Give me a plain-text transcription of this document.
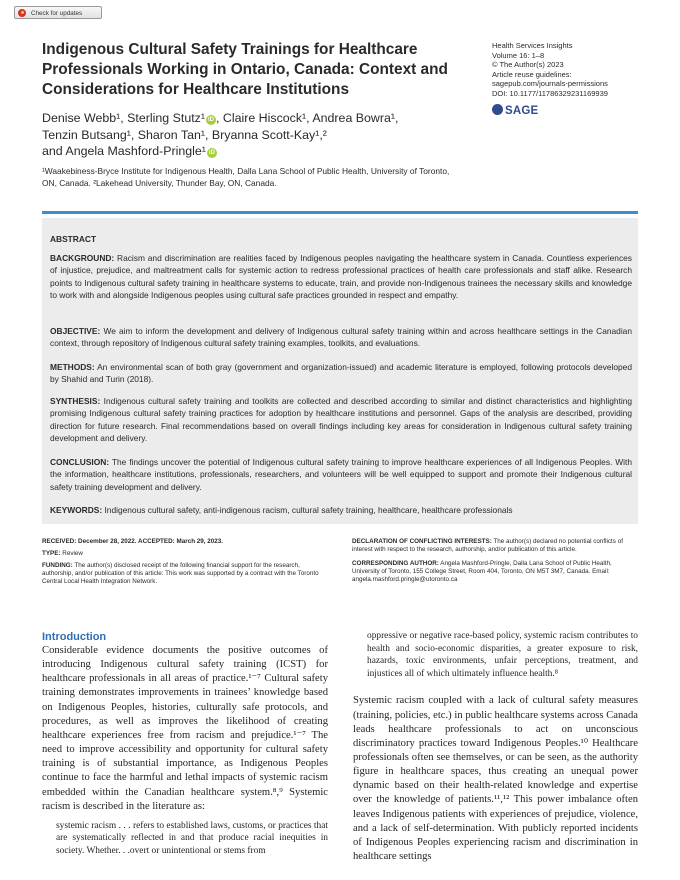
Check for updates
Indigenous Cultural Safety Trainings for Healthcare Professionals Working in Ontario, Canada: Context and Considerations for Healthcare Institutions
Denise Webb¹, Sterling Stutz¹ iD , Claire Hiscock¹, Andrea Bowra¹,
Tenzin Butsang¹, Sharon Tan¹, Bryanna Scott-Kay¹,²
and Angela Mashford-Pringle¹ iD
¹Waakebiness-Bryce Institute for Indigenous Health, Dalla Lana School of Public Health, University of Toronto, ON, Canada. ²Lakehead University, Thunder Bay, ON, Canada.
Health Services Insights
Volume 16: 1–8
© The Author(s) 2023
Article reuse guidelines:
sagepub.com/journals-permissions
DOI: 10.1177/11786329231169939
SAGE

ABSTRACT

BACKGROUND: Racism and discrimination are realities faced by Indigenous peoples navigating the healthcare system in Canada. Countless experiences of injustice, prejudice, and maltreatment calls for systemic action to redress professional practices of health care professionals and staff alike. Research points to Indigenous cultural safety training in healthcare systems to educate, train, and provide non-Indigenous trainees the necessary skills and knowledge to work with and alongside Indigenous peoples using cultural safe practices grounded in respect and empathy.

OBJECTIVE: We aim to inform the development and delivery of Indigenous cultural safety training within and across healthcare settings in the Canadian context, through repository of Indigenous cultural safety training examples, toolkits, and evaluations.

METHODS: An environmental scan of both gray (government and organization-issued) and academic literature is employed, following protocols developed by Shahid and Turin (2018).

SYNTHESIS: Indigenous cultural safety training and toolkits are collected and described according to similar and distinct characteristics and highlighting promising Indigenous cultural safety training practices for adoption by healthcare institutions and personnel. Gaps of the analysis are described, providing direction for future research. Final recommendations based on overall findings including key areas for consideration in Indigenous cultural safety training development and delivery.

CONCLUSION: The findings uncover the potential of Indigenous cultural safety training to improve healthcare experiences of all Indigenous Peoples. With the information, healthcare institutions, professionals, researchers, and volunteers will be well equipped to support and promote their Indigenous cultural safety training development and delivery.

KEYWORDS: Indigenous cultural safety, anti-indigenous racism, cultural safety training, healthcare, healthcare professionals

RECEIVED: December 28, 2022. ACCEPTED: March 29, 2023.

TYPE: Review

FUNDING: The author(s) disclosed receipt of the following financial support for the research, authorship, and/or publication of this article: This work was supported by a contract with the Toronto Central Local Health Integration Network.

DECLARATION OF CONFLICTING INTERESTS: The author(s) declared no potential conflicts of interest with respect to the research, authorship, and/or publication of this article.

CORRESPONDING AUTHOR: Angela Mashford-Pringle, Dalla Lana School of Public Health, University of Toronto, 155 College Street, Room 404, Toronto, ON M5T 3M7, Canada. Email: angela.mashford.pringle@utoronto.ca

Introduction

Considerable evidence documents the positive outcomes of introducing Indigenous cultural safety training (ICST) for healthcare professionals in all areas of practice.¹⁻⁷ Cultural safety training demonstrates improvements in trainees’ knowledge based on Indigenous Peoples, histories, culturally safe protocols, and procedures, as well as improves the likelihood of creating healthcare experiences free from racism and prejudice.¹⁻⁷ The need to improve accessibility and opportunity for cultural safety training is of substantial importance, as Indigenous Peoples continue to face the harmful and lethal impacts of systemic racism embedded within the Canadian healthcare system.⁸,⁹ Systemic racism is described in the literature as:

systemic racism . . . refers to established laws, customs, or practices that are systematically reflected in and that produce racial inequities in society. Whether. . .overt or unintentional or stems from

oppressive or negative race-based policy, systemic racism contributes to health and socio-economic disparities, a greater exposure to risk, hazards, toxic environments, unfair perceptions, treatment, and injustices all of which ultimately influence health.⁸

Systemic racism coupled with a lack of cultural safety measures (training, policies, etc.) in public healthcare systems across Canada leads healthcare professionals to act on unconscious discriminatory practices toward Indigenous Peoples.¹⁰ Healthcare professionals often see themselves, or can be seen, as the authority figure in healthcare spaces, thus creating an unequal power dynamic based on their health-related knowledge and expertise over the knowledge of patients.¹¹,¹² This power imbalance often leaves Indigenous patients with experiences of prejudice, violence, and a lack of self-determination. With publicly reported incidents of Indigenous Peoples experiencing racism and discrimination in healthcare settings
